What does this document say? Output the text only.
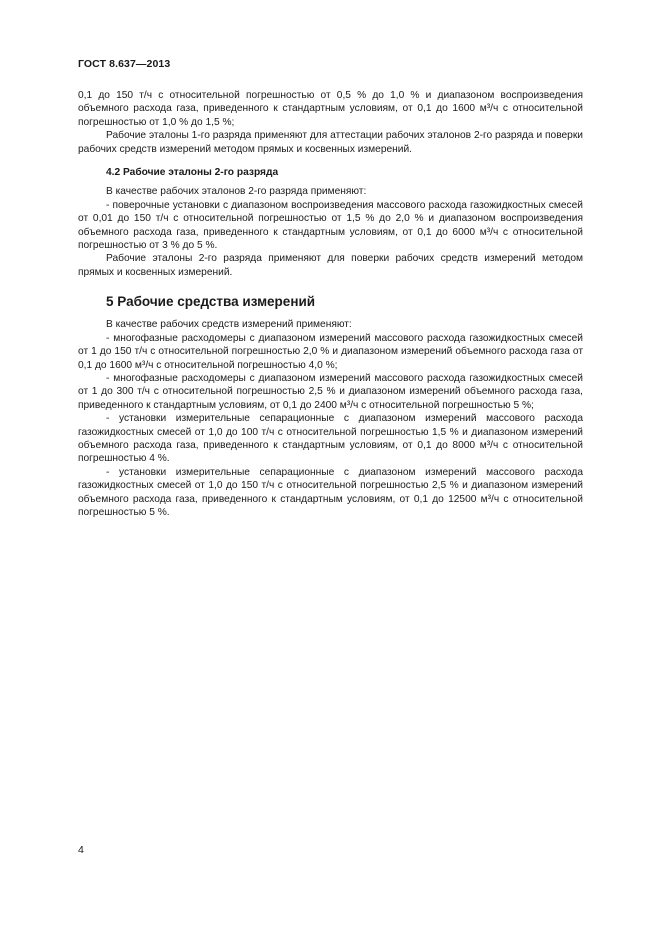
ГОСТ 8.637—2013

0,1 до 150 т/ч с относительной погрешностью от 0,5 % до 1,0 % и диапазоном воспроизведения объемного расхода газа, приведенного к стандартным условиям, от 0,1 до 1600 м³/ч с относительной погрешностью от 1,0 % до 1,5 %;

Рабочие эталоны 1-го разряда применяют для аттестации рабочих эталонов 2-го разряда и поверки рабочих средств измерений методом прямых и косвенных измерений.

4.2 Рабочие эталоны 2-го разряда

В качестве рабочих эталонов 2-го разряда применяют:

- поверочные установки с диапазоном воспроизведения массового расхода газожидкостных смесей от 0,01 до 150 т/ч с относительной погрешностью от 1,5 % до 2,0 % и диапазоном воспроизведения объемного расхода газа, приведенного к стандартным условиям, от 0,1 до 6000 м³/ч с относительной погрешностью от 3 % до 5 %.

Рабочие эталоны 2-го разряда применяют для поверки рабочих средств измерений методом прямых и косвенных измерений.

5 Рабочие средства измерений

В качестве рабочих средств измерений применяют:

- многофазные расходомеры с диапазоном измерений массового расхода газожидкостных смесей от 1 до 150 т/ч с относительной погрешностью 2,0 % и диапазоном измерений объемного расхода газа от 0,1 до 1600 м³/ч с относительной погрешностью 4,0 %;

- многофазные расходомеры с диапазоном измерений массового расхода газожидкостных смесей от 1 до 300 т/ч с относительной погрешностью 2,5 % и диапазоном измерений объемного расхода газа, приведенного к стандартным условиям, от 0,1 до 2400 м³/ч с относительной погрешностью 5 %;

- установки измерительные сепарационные с диапазоном измерений массового расхода газожидкостных смесей от 1,0 до 100 т/ч с относительной погрешностью 1,5 % и диапазоном измерений объемного расхода газа, приведенного к стандартным условиям, от 0,1 до 8000 м³/ч с относительной погрешностью 4 %.

- установки измерительные сепарационные с диапазоном измерений массового расхода газожидкостных смесей от 1,0 до 150 т/ч с относительной погрешностью 2,5 % и диапазоном измерений объемного расхода газа, приведенного к стандартным условиям, от 0,1 до 12500 м³/ч с относительной погрешностью 5 %.

4
